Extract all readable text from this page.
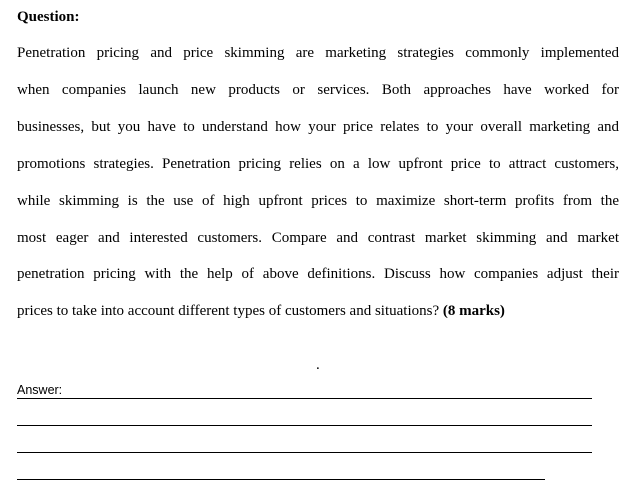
Question:
Penetration pricing and price skimming are marketing strategies commonly implemented
when companies launch new products or services. Both approaches have worked for
businesses, but you have to understand how your price relates to your overall marketing and
promotions strategies. Penetration pricing relies on a low upfront price to attract customers,
while skimming is the use of high upfront prices to maximize short-term profits from the
most eager and interested customers. Compare and contrast market skimming and market
penetration pricing with the help of above definitions. Discuss how companies adjust their
prices to take into account different types of customers and situations? (8 marks)
.
Answer:
